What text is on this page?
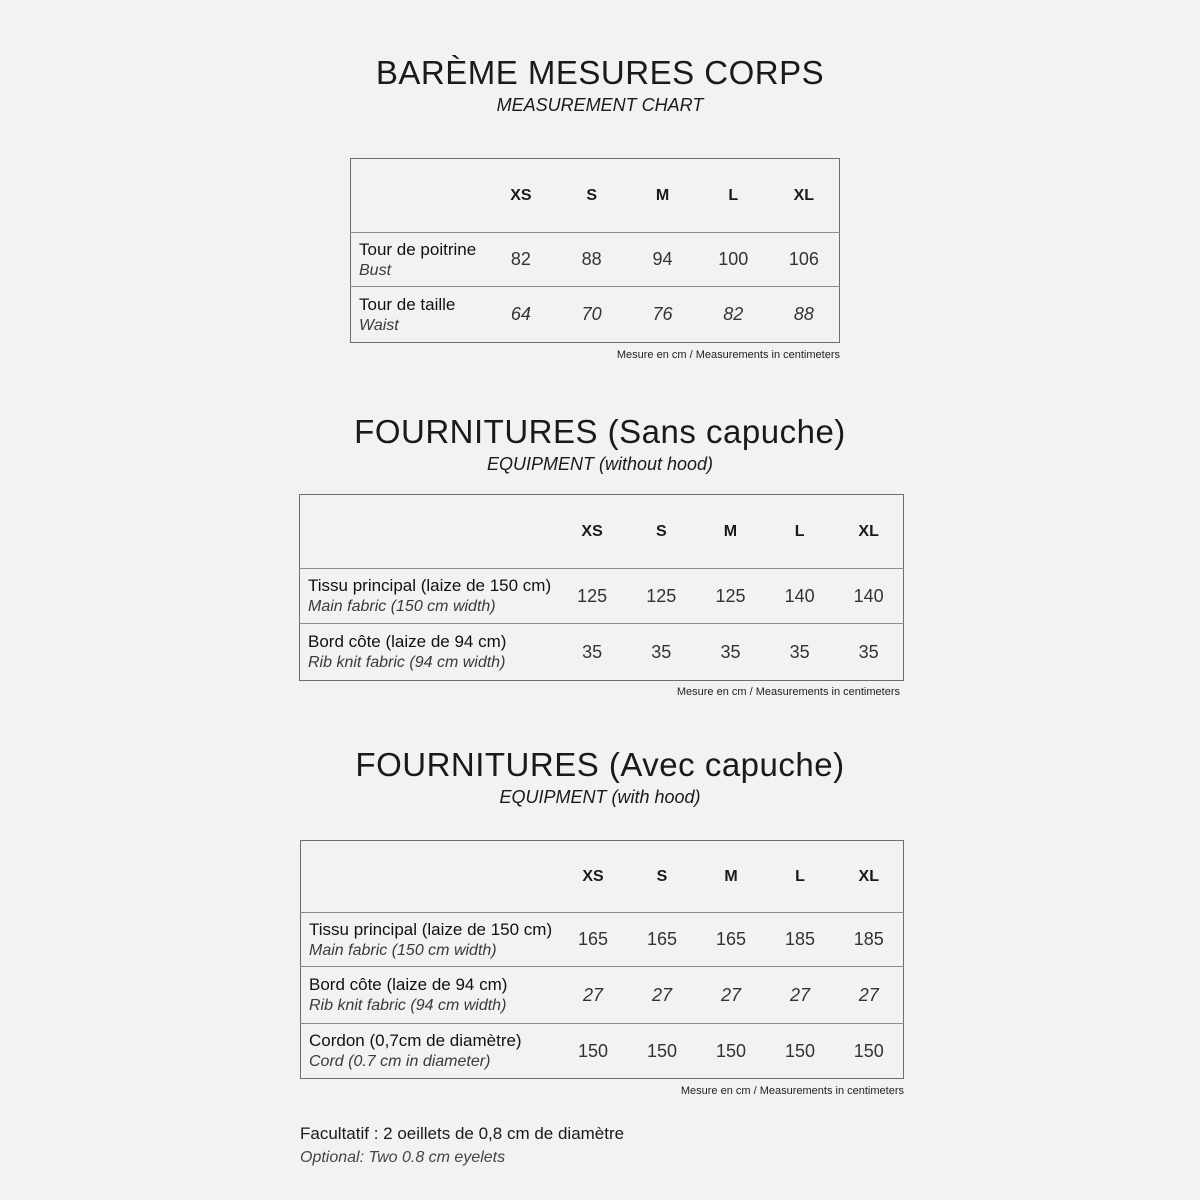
BARÈME MESURES CORPS
MEASUREMENT CHART
	XS	S	M	L	XL

Tour de poitrine
Bust	82	88	94	100	106

Tour de taille
Waist	64	70	76	82	88
Mesure en cm / Measurements in centimeters
FOURNITURES (Sans capuche)
EQUIPMENT (without hood)
	XS	S	M	L	XL

Tissu principal (laize de 150 cm)
Main fabric (150 cm width)	125	125	125	140	140

Bord côte (laize de 94 cm)
Rib knit fabric (94 cm width)	35	35	35	35	35
Mesure en cm / Measurements in centimeters
FOURNITURES (Avec capuche)
EQUIPMENT (with hood)
	XS	S	M	L	XL

Tissu principal (laize de 150 cm)
Main fabric (150 cm width)	165	165	165	185	185

Bord côte (laize de 94 cm)
Rib knit fabric (94 cm width)	27	27	27	27	27

Cordon (0,7cm de diamètre)
Cord (0.7 cm in diameter)	150	150	150	150	150
Mesure en cm / Measurements in centimeters
Facultatif : 2 oeillets de 0,8 cm de diamètre
Optional: Two 0.8 cm eyelets
